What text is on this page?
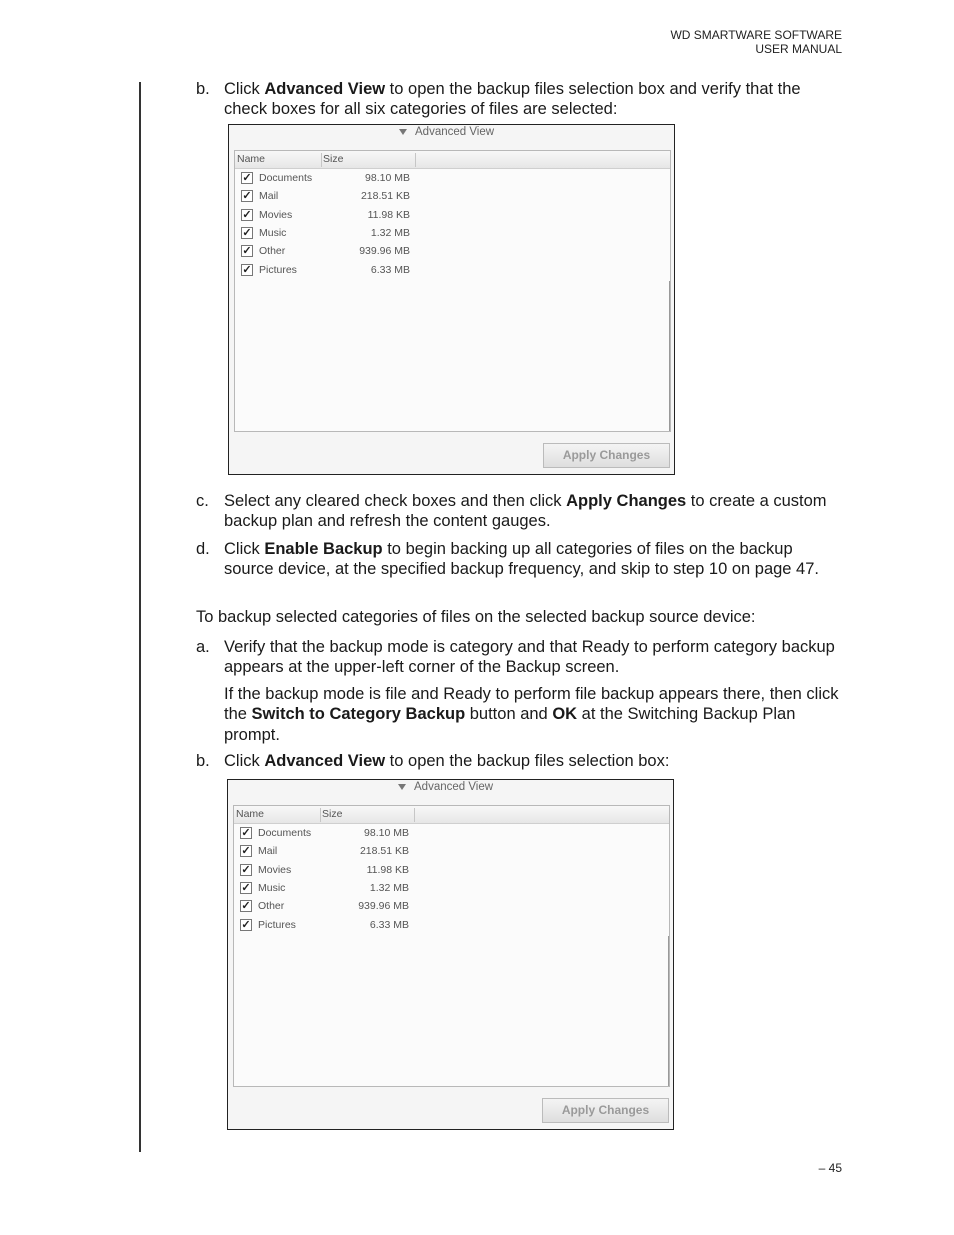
WD SMARTWARE SOFTWARE
USER MANUAL
b. Click Advanced View to open the backup files selection box and verify that the check boxes for all six categories of files are selected:
Advanced View
Name	Size
✓ Documents	98.10 MB
✓ Mail	218.51 KB
✓ Movies	11.98 KB
✓ Music	1.32 MB
✓ Other	939.96 MB
✓ Pictures	6.33 MB
Apply Changes
c. Select any cleared check boxes and then click Apply Changes to create a custom backup plan and refresh the content gauges.
d. Click Enable Backup to begin backing up all categories of files on the backup source device, at the specified backup frequency, and skip to step 10 on page 47.
To backup selected categories of files on the selected backup source device:
a. Verify that the backup mode is category and that Ready to perform category backup appears at the upper-left corner of the Backup screen.
If the backup mode is file and Ready to perform file backup appears there, then click the Switch to Category Backup button and OK at the Switching Backup Plan prompt.
b. Click Advanced View to open the backup files selection box:
Advanced View
Name	Size
✓ Documents	98.10 MB
✓ Mail	218.51 KB
✓ Movies	11.98 KB
✓ Music	1.32 MB
✓ Other	939.96 MB
✓ Pictures	6.33 MB
Apply Changes
– 45
